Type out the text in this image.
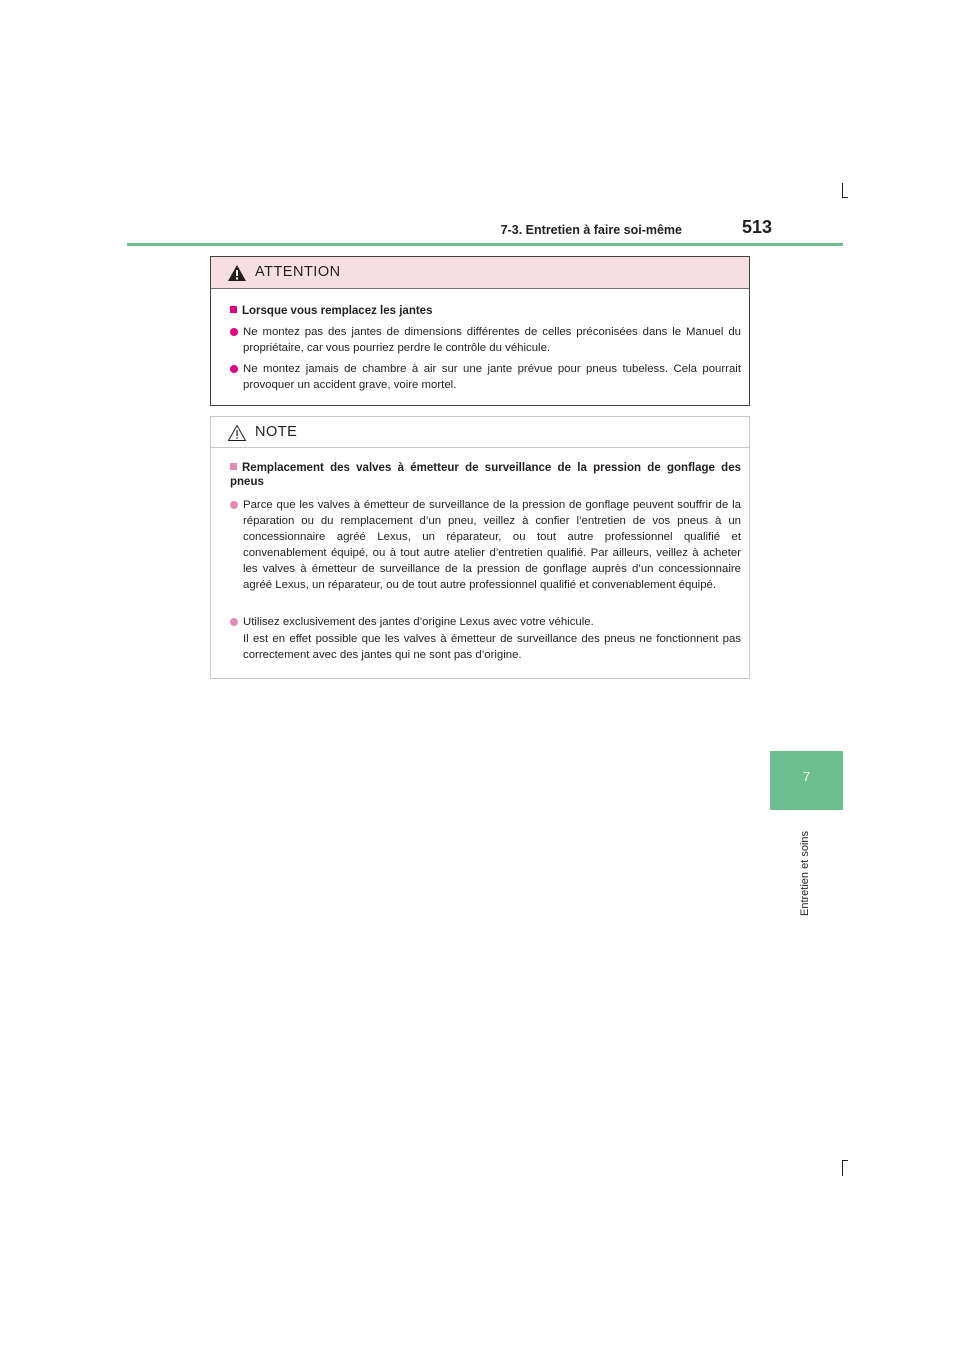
7-3. Entretien à faire soi-même	513
7
Entretien et soins
ATTENTION
Lorsque vous remplacez les jantes
Ne montez pas des jantes de dimensions différentes de celles préconisées dans le Manuel du propriétaire, car vous pourriez perdre le contrôle du véhicule.
Ne montez jamais de chambre à air sur une jante prévue pour pneus tubeless. Cela pourrait provoquer un accident grave, voire mortel.
NOTE
Remplacement des valves à émetteur de surveillance de la pression de gonflage des pneus
Parce que les valves à émetteur de surveillance de la pression de gonflage peuvent souffrir de la réparation ou du remplacement d’un pneu, veillez à confier l’entretien de vos pneus à un concessionnaire agréé Lexus, un réparateur, ou tout autre professionnel qualifié et convenablement équipé, ou à tout autre atelier d’entretien qualifié. Par ailleurs, veillez à acheter les valves à émetteur de surveillance de la pression de gonflage auprès d’un concessionnaire agréé Lexus, un réparateur, ou de tout autre professionnel qualifié et convenablement équipé.
Utilisez exclusivement des jantes d’origine Lexus avec votre véhicule.
Il est en effet possible que les valves à émetteur de surveillance des pneus ne fonctionnent pas correctement avec des jantes qui ne sont pas d’origine.
